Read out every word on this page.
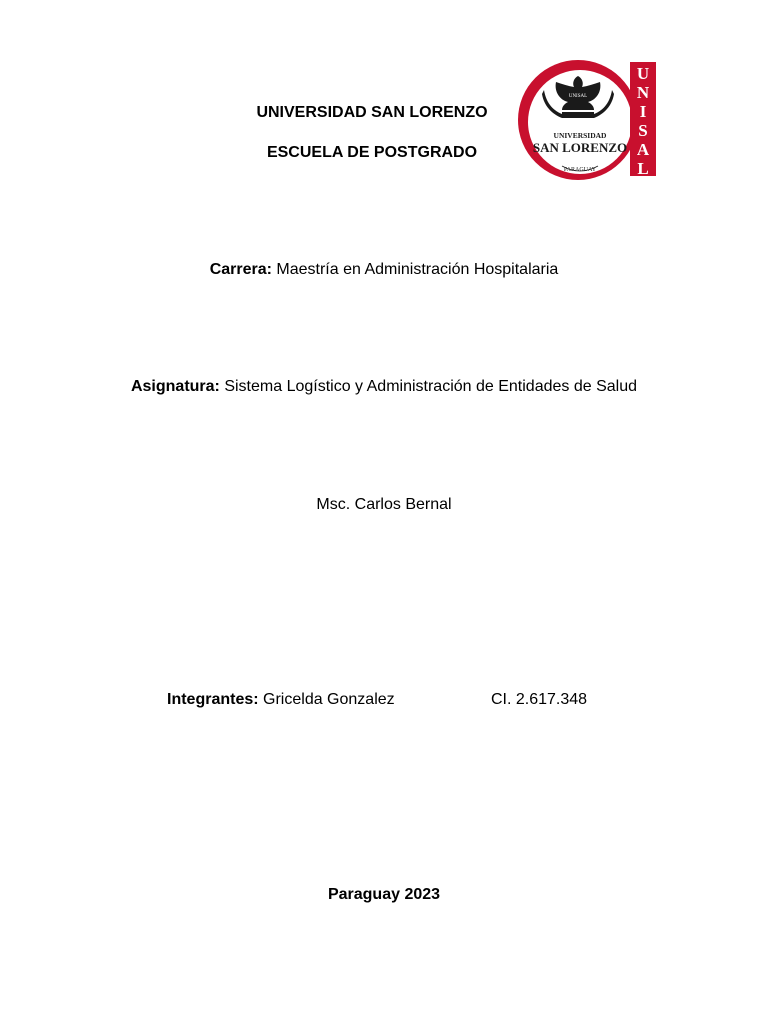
UNIVERSIDAD SAN LORENZO
ESCUELA DE POSTGRADO
UNISAL
UNIVERSIDAD
SAN LORENZO
PARAGUAY
U
N
I
S
A
L
Carrera: Maestría en Administración Hospitalaria
Asignatura: Sistema Logístico y Administración de Entidades de Salud
Msc. Carlos Bernal
Integrantes: Gricelda Gonzalez	CI. 2.617.348
Paraguay 2023
